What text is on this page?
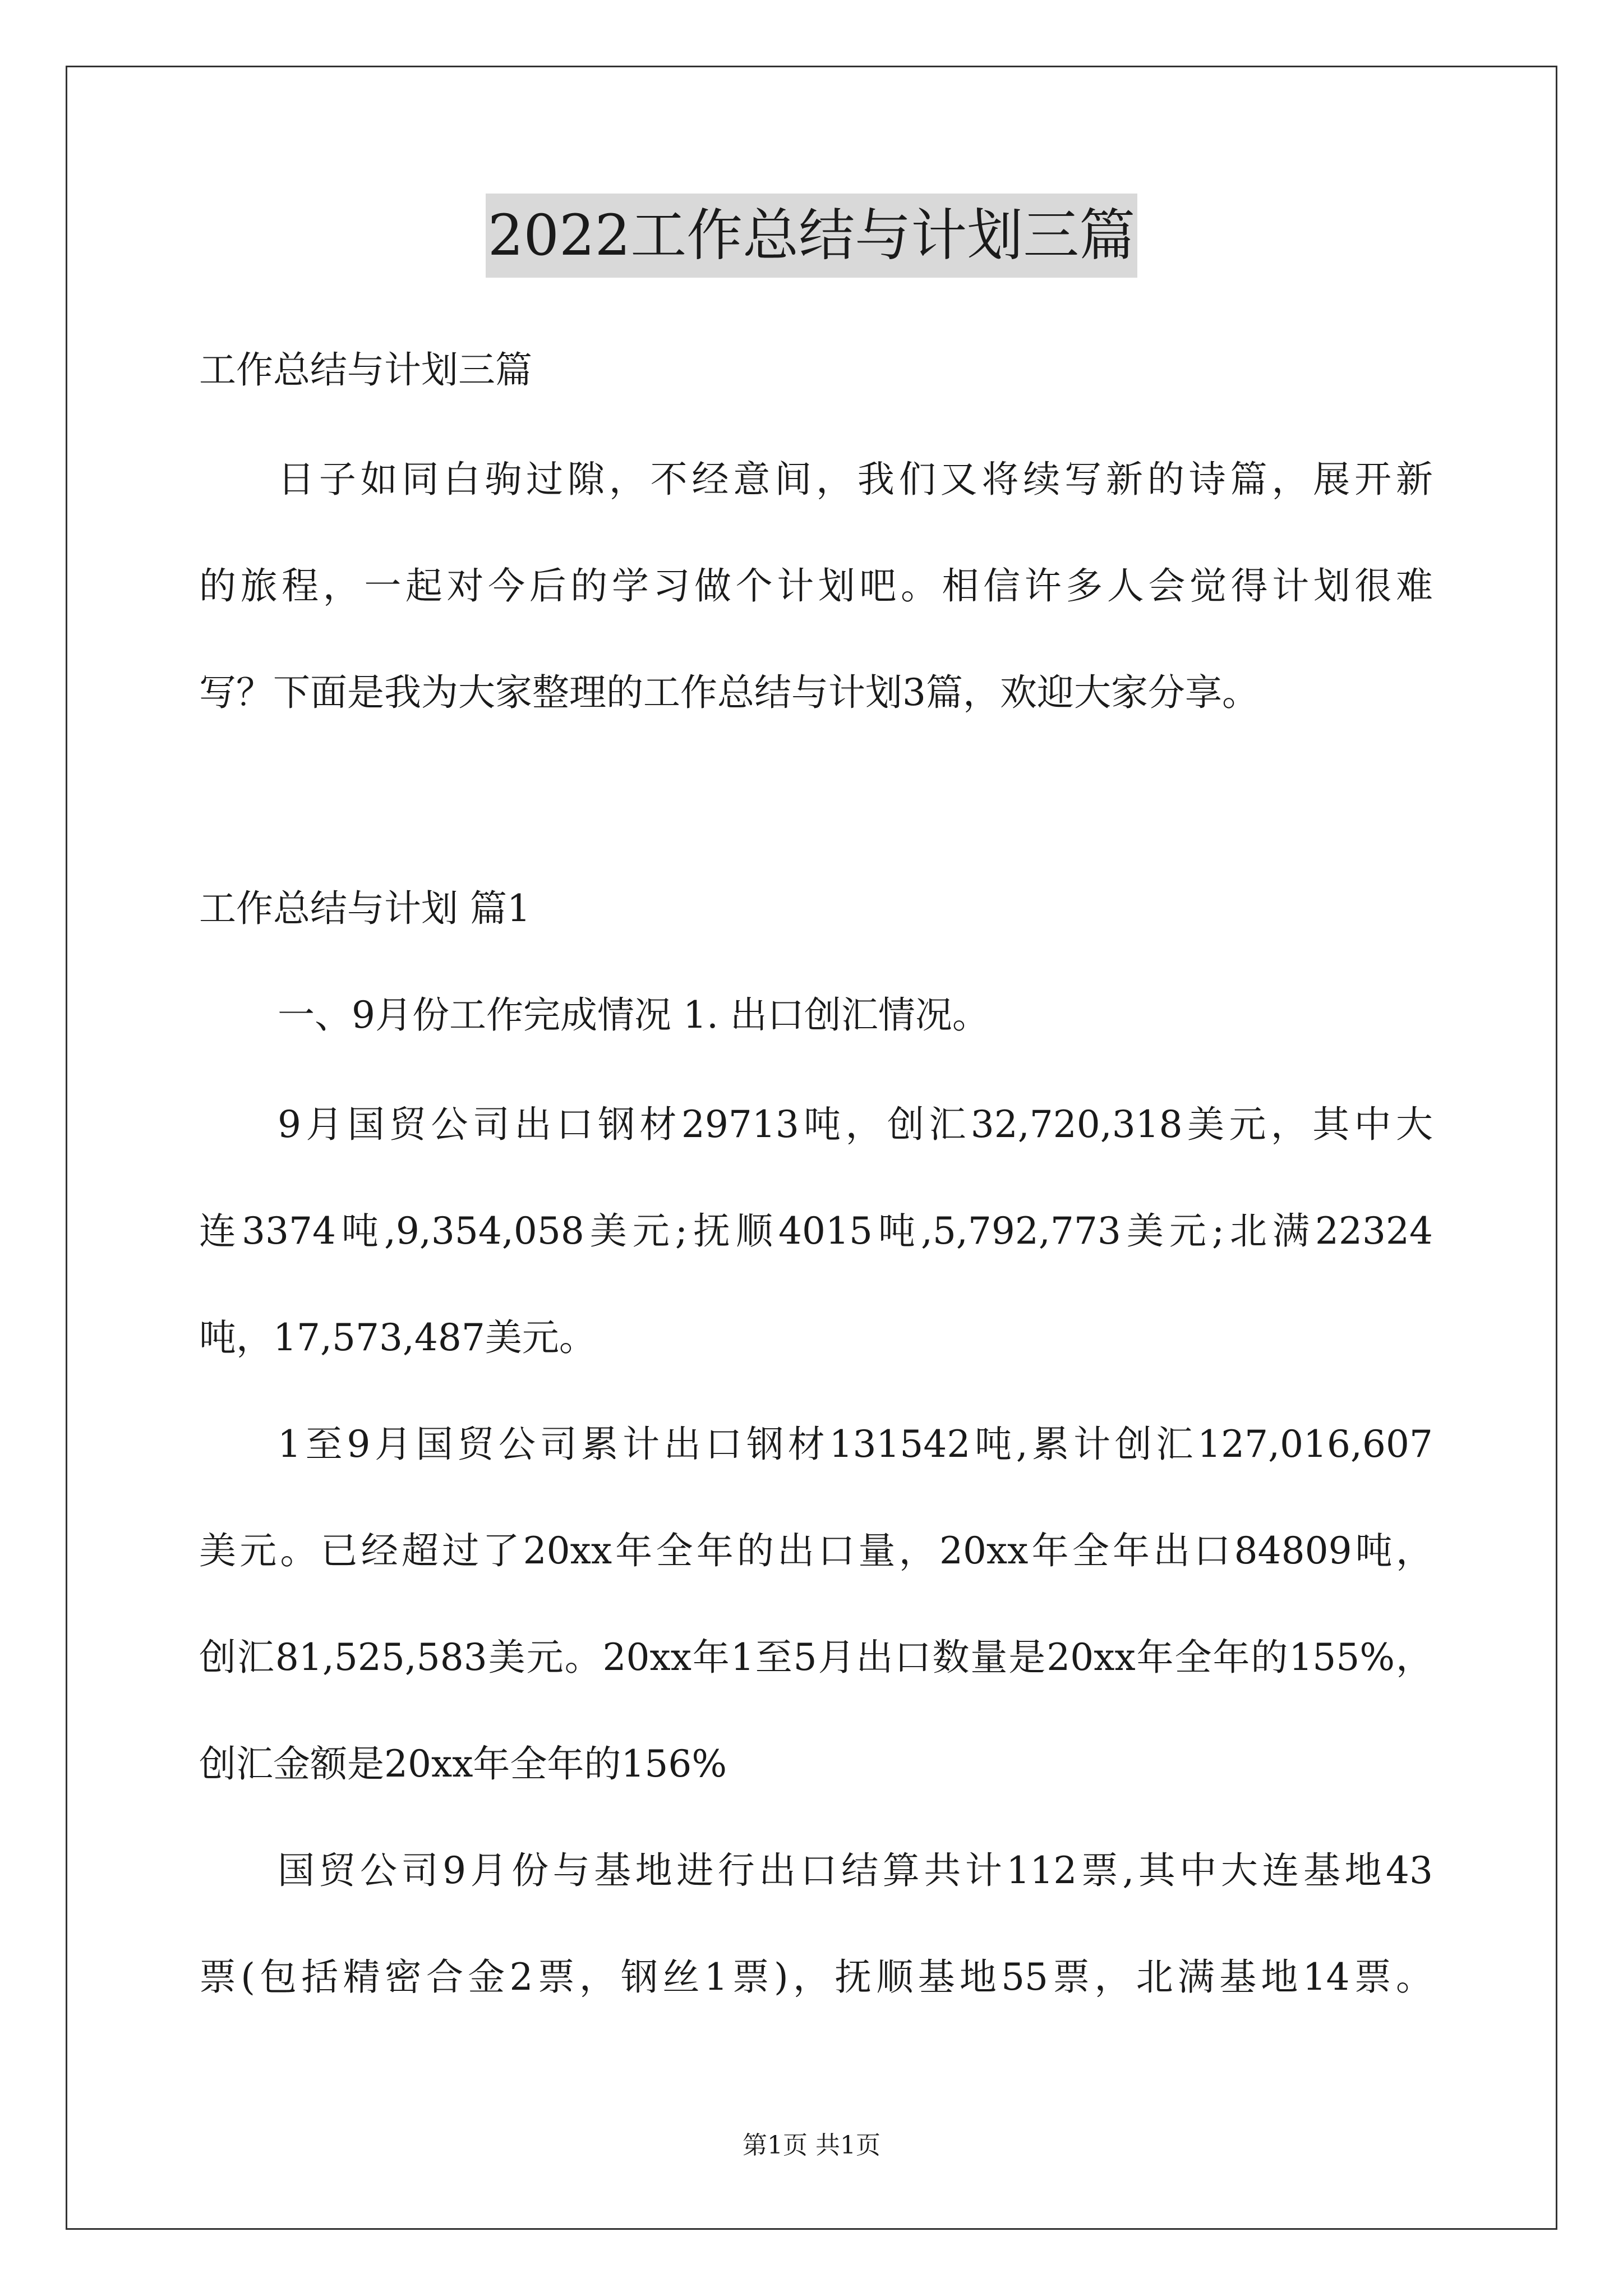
2022工作总结与计划三篇
工作总结与计划三篇
日子如同白驹过隙，不经意间，我们又将续写新的诗篇，展开新
的旅程，一起对今后的学习做个计划吧。相信许多人会觉得计划很难
写？下面是我为大家整理的工作总结与计划3篇，欢迎大家分享。
工作总结与计划 篇1
一、9月份工作完成情况 1. 出口创汇情况。
9月国贸公司出口钢材29713吨，创汇32,720,318美元，其中大
连3374吨,9,354,058美元;抚顺4015吨,5,792,773美元;北满22324
吨，17,573,487美元。
1至9月国贸公司累计出口钢材131542吨,累计创汇127,016,607
美元。已经超过了20xx年全年的出口量，20xx年全年出口84809吨，
创汇81,525,583美元。20xx年1至5月出口数量是20xx年全年的155%，
创汇金额是20xx年全年的156%
国贸公司9月份与基地进行出口结算共计112票,其中大连基地43
票(包括精密合金2票，钢丝1票)，抚顺基地55票，北满基地14票。
第1页 共1页
